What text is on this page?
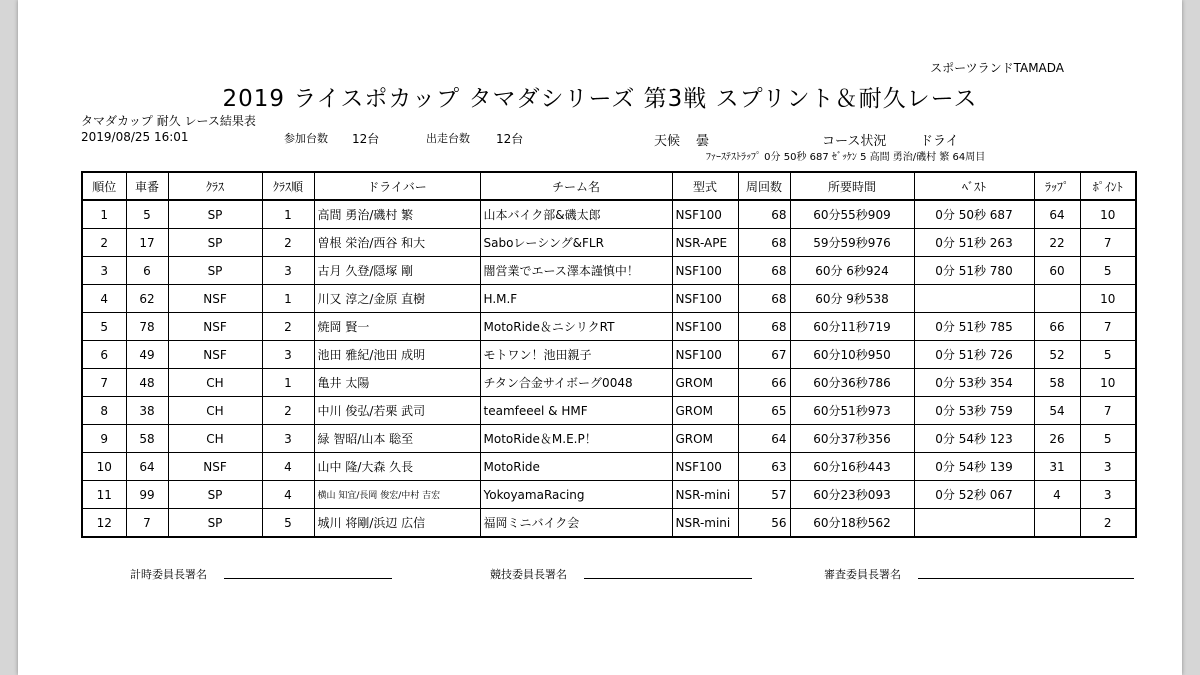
スポーツランドTAMADA
2019 ライスポカップ タマダシリーズ 第3戦 スプリント＆耐久レース
タマダカップ 耐久 レース結果表
2019/08/25 16:01	参加台数 12台	出走台数 12台	天候 曇	コース状況	ドライ
ﾌｧｰｽﾃｽﾄﾗｯﾌﾟ 0分 50秒 687 ｾﾞｯｹﾝ 5 高間 勇治/磯村 繁 64周目
順位	車番	ｸﾗｽ	ｸﾗｽ順	ドライバー	チーム名	型式	周回数	所要時間	ﾍﾞｽﾄ	ﾗｯﾌﾟ	ﾎﾟｲﾝﾄ
1	5	SP	1	高間 勇治/磯村 繁	山本バイク部&磯太郎	NSF100	68	60分55秒909	0分 50秒 687	64	10
2	17	SP	2	曽根 栄治/西谷 和大	Saboレーシング&FLR	NSR-APE	68	59分59秒976	0分 51秒 263	22	7
3	6	SP	3	古月 久登/隠塚 剛	闇営業でエース澤本謹慎中！	NSF100	68	60分 6秒924	0分 51秒 780	60	5
4	62	NSF	1	川又 淳之/金原 直樹	H.M.F	NSF100	68	60分 9秒538			10
5	78	NSF	2	焼岡 賢一	MotoRide＆ニシリクRT	NSF100	68	60分11秒719	0分 51秒 785	66	7
6	49	NSF	3	池田 雅紀/池田 成明	モトワン！池田親子	NSF100	67	60分10秒950	0分 51秒 726	52	5
7	48	CH	1	亀井 太陽	チタン合金サイボーグ0048	GROM	66	60分36秒786	0分 53秒 354	58	10
8	38	CH	2	中川 俊弘/若栗 武司	teamfeeel & HMF	GROM	65	60分51秒973	0分 53秒 759	54	7
9	58	CH	3	緑 智昭/山本 聡至	MotoRide＆M.E.P！	GROM	64	60分37秒356	0分 54秒 123	26	5
10	64	NSF	4	山中 隆/大森 久長	MotoRide	NSF100	63	60分16秒443	0分 54秒 139	31	3
11	99	SP	4	横山 知宜/長岡 俊宏/中村 吉宏	YokoyamaRacing	NSR-mini	57	60分23秒093	0分 52秒 067	4	3
12	7	SP	5	城川 将剛/浜辺 広信	福岡ミニバイク会	NSR-mini	56	60分18秒562			2
計時委員長署名	競技委員長署名	審査委員長署名
